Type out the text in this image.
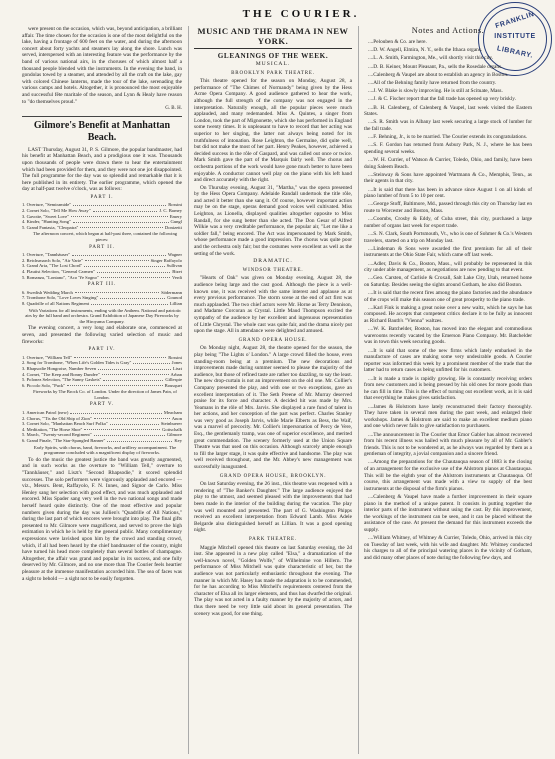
THE COURIER.	FRANKLIN
INSTITUTE
LIBRARY.

were present on the occasion, which was, beyond anticipation, a brilliant affair. The time chosen for the occasion is one of the most delightful on the lake, having a frontage of 600 feet on the water, and during the afternoon concert about forty yachts and steamers lay along the shore. Lunch was served, interspersed with an interesting feature was the performance by the band of various national airs, in the choruses of which almost half a thousand people blended with the instruments. In the evening the band, in gondolas towed by a steamer, and attended by all the craft on the lake, gay with colored Chinese lanterns, made the tour of the lake, serenading the various camps and hotels. Altogether, it is pronounced the most enjoyable and successful fête maritale of the season, and Lynn & Healy have reason to "do themselves proud."

G. B. H.
Gilmore's Benefit at Manhattan Beach.

LAST Thursday, August 31, P. S. Gilmore, the popular bandmaster, had his benefit at Manhattan Beach, and a prodigious one it was. Thousands upon thousands of people were drawn there to hear the entertainment which had been provided for them, and they were not one jot disappointed. The full programme for the day was so splendid and remarkable that it is here published in its entirety. The earlier programme, which opened the day at half-past twelve o'clock, was as follows:

PART I.
1. Overture, "Semiramide"	Rossini
2. Cornet Solo, "Tell Me How Away"	J. C. Barney
3. Gavotte, "Sweet Love"	Emery
4. Kinder, "Hunting Song"	Gungl
5. Grand Fantasia, "Cleopatra"	Donizetti

The afternoon concert, which began at half-past three, contained the following pieces:

PART II.
1. Overture, "Tannhäuser"	Wagner
2. Reichsmarch Solo, "Air Varie"	Singer Raffayolo
3. Grand Aria, "The Lost Chord"	Sullivan
4. Flautist Selection, "General Carmen"	Bizet
5. Romanza, "Lontano", "Aco 'Ye Sogno"	Verdi
PART III.
6. Swedish Wedding March	Södermann
7. Trombone Solo, "Love Loves Singing"	Gounod
8. Quadrille of all Nations Regiment	Lillian

With Variations for all instruments, ending with the Anthem. National and patriotic airs by the full band and orchestra. Grand Exhibition of Japanese Day Fireworks by the Hiroyama Company.

The evening concert, a very long and elaborate one, commenced at seven, and presented the following varied selection of music and fireworks:

PART IV.
1. Overture, "William Tell"	Rossini
2. Song for Trombone, "When Life's Golden Tides is Gray"	Jones
3. Rhapsodie Hongroise, Number Seven	Liszt
4. Cornet, "The Keep and Bonny Dundee"	Arban
5. Polonez Selection, "The Sunny Gaskets"	Gillespie
6. Piccolo Solo, "Puck"	Bousquet

Fireworks by The Brock Co. of London. Under the direction of James Pain, of London.

PART V.
1. American Patrol (new)	Meacham
2. Chorus, "'Tis the Old Ship of Zion"	Anon
3. Cornet Solo, "Manhattan Beach Surf Polka"	Steinbuerer
4. Meditation, "The Horse Shoe"	Gottschalk
5. March, "Twenty-second Regiment"	Gilmore
6. Grand Finale, "The Star-Spangled Banner"	Key

Early Spirits, with chorus, band, fireworks, and artillery accompaniment. The programme concluded with a magnificent display of fireworks.

To do the music the greatest justice the band was greatly augmented, and in such works as the overture to "William Tell," overture to "Tannhäuser," and Liszt's "Second Rhapsodie," it scored splendid successes. The solo performers were vigorously applauded and encored — viz., Messrs. Bent, Raffayolo, F. N. Innes, and Signor de Carlo. Miss Henley sang her selection with good effect, and was much applauded and encored. Miss Spader sang very well in the two national songs and made herself heard quite distinctly. One of the most effective and popular numbers given during the day was Jullien's "Quadrille of All Nations," during the last part of which encores were brought into play. The final gifts presented to Mr. Gilmore were magnificent, and served to prove the high estimation in which he is held by the general public. Many complimentary expressions were lavished upon him by the crowd and standing crowd, which, if all had been heard by the chief bandmaster of the country, might have turned his head more completely than several bottles of champagne. Altogether, the affair was grand and popular in its success, and one fully deserved by Mr. Gilmore, and no one more than The Courier feels heartier pleasure at the immense manifestation accorded him. The sea of faces was a sight to behold — a sight not to be easily forgotten.

MUSIC AND THE DRAMA IN NEW YORK.
GLEANINGS OF THE WEEK.
MUSICAL.
BROOKLYN PARK THEATRE.

This theatre opened for the season on Monday, August 28, a performance of "The Chimes of Normandy" being given by the Hess Acme Opera Company. A good audience gathered to hear the work, although the full strength of the company was not engaged in the interpretation. Naturally enough, all the popular pieces were much applauded, and many redemanded. Miss A. Quintes, a singer from London, took the part of Mignonette, which she has performed in England some twenty times. It is unpleasant to have to record that her acting was superior to her singing, the latter not always being noted for its truthfulness of intonation. Rose Leighton, the Germaine, did quite well, but did not make the most of her part. Henry Peakes, however, achieved a decided success in the rôle of Gaspard, and was called out once or twice. Mark Smith gave the part of the Marquis fairly well. The chorus and orchestra portions of the work would have gone much better to have been enjoyable. A conductor cannot well play on the piano with his left hand and direct accurately with the right.

On Thursday evening, August 31, "Martha," was the opera presented by the Hess Opera Company. Adelaide Randall undertook the title rôle, and acted it better than she sang it. Of course, however important action may be on the stage, operas demand good voices well cultivated. Miss Leighton, as Lionella, displayed qualities altogether opposite to Miss Randall, for she sung better than she acted. The Don Gesar of Alfred Wilkie was a very creditable performance, the popular air, "Let me like a soldier fall," being encored. The Act was impersonated by Mark Smith, whose performance made a good impression. The chorus was quite poor and the orchestra only fair; but the costumes were excellent as well as the setting of the work.

DRAMATIC.
WINDSOR THEATRE.

"Hearts of Oak" was given on Monday evening, August 28, the audience being large and the cast good. Although the piece is a well-known one, it was received with the same interest and applause as at every previous performance. The storm scene at the end of act first was much applauded. The two chief actors were Mr. Horne as Terry Dennison, and Madame Corcoran as Crystal. Little Maud Thompson excited the sympathy of the audience by her excellent and ingenuous representation of Little Chrystal. The whole cast was quite fair, and the drama nicely put upon the stage. All in attendance were delighted and amused.

GRAND OPERA HOUSE.

On Monday night, August 28, the theatre opened for the season, the play being "The Lights o' London." A large crowd filled the house, even standing-room being at a premium. The new decorations and improvements made during summer seemed to please the majority of the audience, but those of refined taste are rather too dazzling, to say the least. The new drop-curtain is not an improvement on the old one. Mr. Collier's Company presented the play, and with one or two exceptions, gave an excellent interpretation of it. The Seth Preene of Mr. Murray deserved praise for its force and character. A decided hit was made by Mrs. Yeamans in the rôle of Mrs. Jarvis. She displayed a rare fund of talent in her actions, and her conception of the part was perfect. Charles Stanley was very good as Joseph Jarvis, while Marie Elberts as Bess, the Waif, was a marvel of precocity. Mr. Collier's impersonation of Percy de Vere, Esq., the gentlemanly tramp, was one of superior excellence, and merited great commendation. The scenery formerly used at the Union Square Theatre was that used on this occasion. Although scarcely ample enough to fill the larger stage, it was quite effective and handsome. The play was well received throughout, and the Mr. Abbey's new management was successfully inaugurated.

GRAND OPERA HOUSE, BROOKLYN.

On last Saturday evening, the 26 inst., this theatre was reopened with a rendering of "The Banker's Daughter." The large audience enjoyed the play to the utmost, and seemed pleased with the improvements that had been made in the interior of the building during the vacation. The play was well mounted and presented. The part of G. Washington Phipps received an excellent interpretation from Edward Lamb. Miss Adele Belgarde also distinguished herself as Lillian. It was a good opening night.

PARK THEATRE.

Maggie Mitchell opened this theatre on last Saturday evening, the 2d inst. She appeared in a new play called "Elsa," a dramatization of the well-known novel, "Golden Wolfe," of Wilhelmine von Hillern. The performance of Miss Mitchell was quite characteristic of her, but the audience was not particularly enthusiastic throughout the evening. The manner in which Mr. Hasey has made the adaptation is to be commended, for he has according to Miss Mitchell's requirements centered from the character of Elsa all its larger elements, and thus has dwarfed the original. The play was not acted in a faulty manner by the majority of actors, and thus there need be very little said about its general presentation. The scenery was good, for one thing.

Notes and Actions.

....Pelouben & Co. are here.

....D. W. Angell, Elmira, N. Y., sells the Ithaca organs.

....L. A. Smith, Farmington, Me., will shortly visit this city.

....D. B. Keiner, Mount Pleasant, Pa., sells the Rosedale organs.

....Calenberg & Vaupel are about to establish an agency in Boston.

....All of the Behning family have returned from the country.

....J. W. Blake is slowly improving. He is still at Scituate, Mass.

....J. & C. Fischer report that the fall trade has opened up very briskly.

....B. H. Calenberg, of Calenberg & Vaupel, last week visited the Eastern States.

....S. R. Smith was in Albany last week securing a large stock of lumber for the fall trade.

....F. Behning, Jr., is to be married. The Courier extends its congratulations.

....S. F. Gordon has returned from Asbury Park, N. J., where he has been spending several weeks.

....W. H. Currier, of Watson & Currier, Toledo, Ohio, and family, have been doing Saleem Beach.

....Steinway & Sons have appointed Wartmann & Co., Memphis, Tenn., as their agents in that city.

....It is said that there has been in advance since August 1 on all kinds of piano lumber of from 5 to 10 per cent.

....George Stoff, Baltimore, Md., passed through this city on Thursday last en route to Worcester and Boston, Mass.

....Coombs, Crosby & Eddy, of Cuba street, this city, purchased a large number of organs last week for export trade.

....S. N. Clark, South Portsmouth, Vt., who is one of Sohmer & Co.'s Western travelers, started on a trip on Monday last.

....Lindeman & Sons were awarded the first premium for all of their instruments at the Ohio State Fair, which came off last week.

....Adler, Davis & Co., Boston, Mass., will probably be represented in this city under able management, as negotiations are now pending to that event.

....Geo. Carsten, of Carlisle & Croxall, Salt Lake City, Utah, returned home on Saturday. Besides seeing the sights around Gotham, he also did Boston.

....It is said that the recent fires among the piano factories and the abundance of the crops will make this season one of great prosperity to the piano trade.

....Karl Fink is making a great noise over a new waltz, which he says he has composed. He accepts that competent critics declare it to be fully as innocent as Richard Bauth's "Vienna" waltzes.

....W. K. Batchelder, Boston, has moved into the elegant and commodious warerooms recently vacated by the Emerson Piano Company. Mr. Batchelder was in town this week securing goods.

....It is said that some of the new firms which lately embarked in the manufacture of cases are making some very undesirable goods. A Courier reporter was informed this week by a prominent member of the trade that the latter had to return cases as being unfitted for his customers.

....It is made a trade is rapidly growing. He is constantly receiving orders from new customers and is being pressed by his old ones for more goods than he can fill in time. This is the effect of turning out excellent work, as it is said that everything he makes gives satisfaction.

....James & Holstrom have lately reconstructed their factory thoroughly. They have taken in several men during the past week, and enlarged their workshops. James & Holstrom are said to make an excellent medium piano and one which never fails to give satisfaction to purchasers.

....The announcement in The Courier that Emor Gabler has almost recovered from his recent illness was hailed with much pleasure by all of Mr. Gabler's friends. This is not to be wondered at, as he always was regarded by them as a gentleman of integrity, a jovial companion and a sincere friend.

....Among the preparations for the Chautauqua season of 1883 is the closing of an arrangement for the exclusive use of the Ahlstrom pianos at Chautauqua. This will be the eighth year of the Ahlstrom instruments at Chautauqua. Of course, this arrangement was made with a view to supply of the best instruments at the disposal of the firm's pianos.

....Calenberg & Vaupel have made a further improvement in their square piano in the method of a unique patent. It consists in putting together the interior parts of the instrument without using the cast. By this improvement, the workings of the instrument can be seen, and it can be placed without the assistance of the case. At present the demand for this instrument exceeds the supply.

....William Whitney, of Whitney & Currier, Toledo, Ohio, arrived in this city on Tuesday of last week, with his wife and daughter. Mr. Whitney conducted his charges to all of the principal watering places in the vicinity of Gotham, and did many other places of note during the following few days, and
